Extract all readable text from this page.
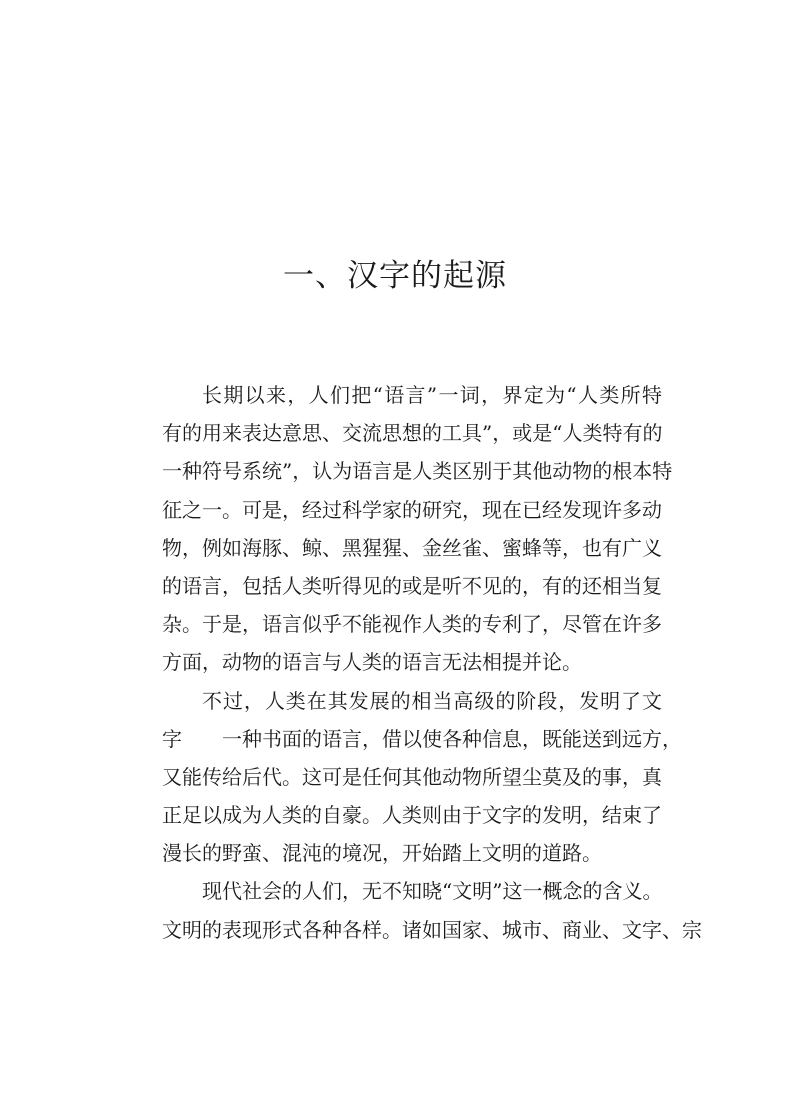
一、汉字的起源
长期以来，人们把“语言”一词，界定为“人类所特
有的用来表达意思、交流思想的工具”，或是“人类特有的
一种符号系统”，认为语言是人类区别于其他动物的根本特
征之一。可是，经过科学家的研究，现在已经发现许多动
物，例如海豚、鲸、黑猩猩、金丝雀、蜜蜂等，也有广义
的语言，包括人类听得见的或是听不见的，有的还相当复
杂。于是，语言似乎不能视作人类的专利了，尽管在许多
方面，动物的语言与人类的语言无法相提并论。
不过，人类在其发展的相当高级的阶段，发明了文
字　　一种书面的语言，借以使各种信息，既能送到远方，
又能传给后代。这可是任何其他动物所望尘莫及的事，真
正足以成为人类的自豪。人类则由于文字的发明，结束了
漫长的野蛮、混沌的境况，开始踏上文明的道路。
现代社会的人们，无不知晓“文明”这一概念的含义。
文明的表现形式各种各样。诸如国家、城市、商业、文字、宗
